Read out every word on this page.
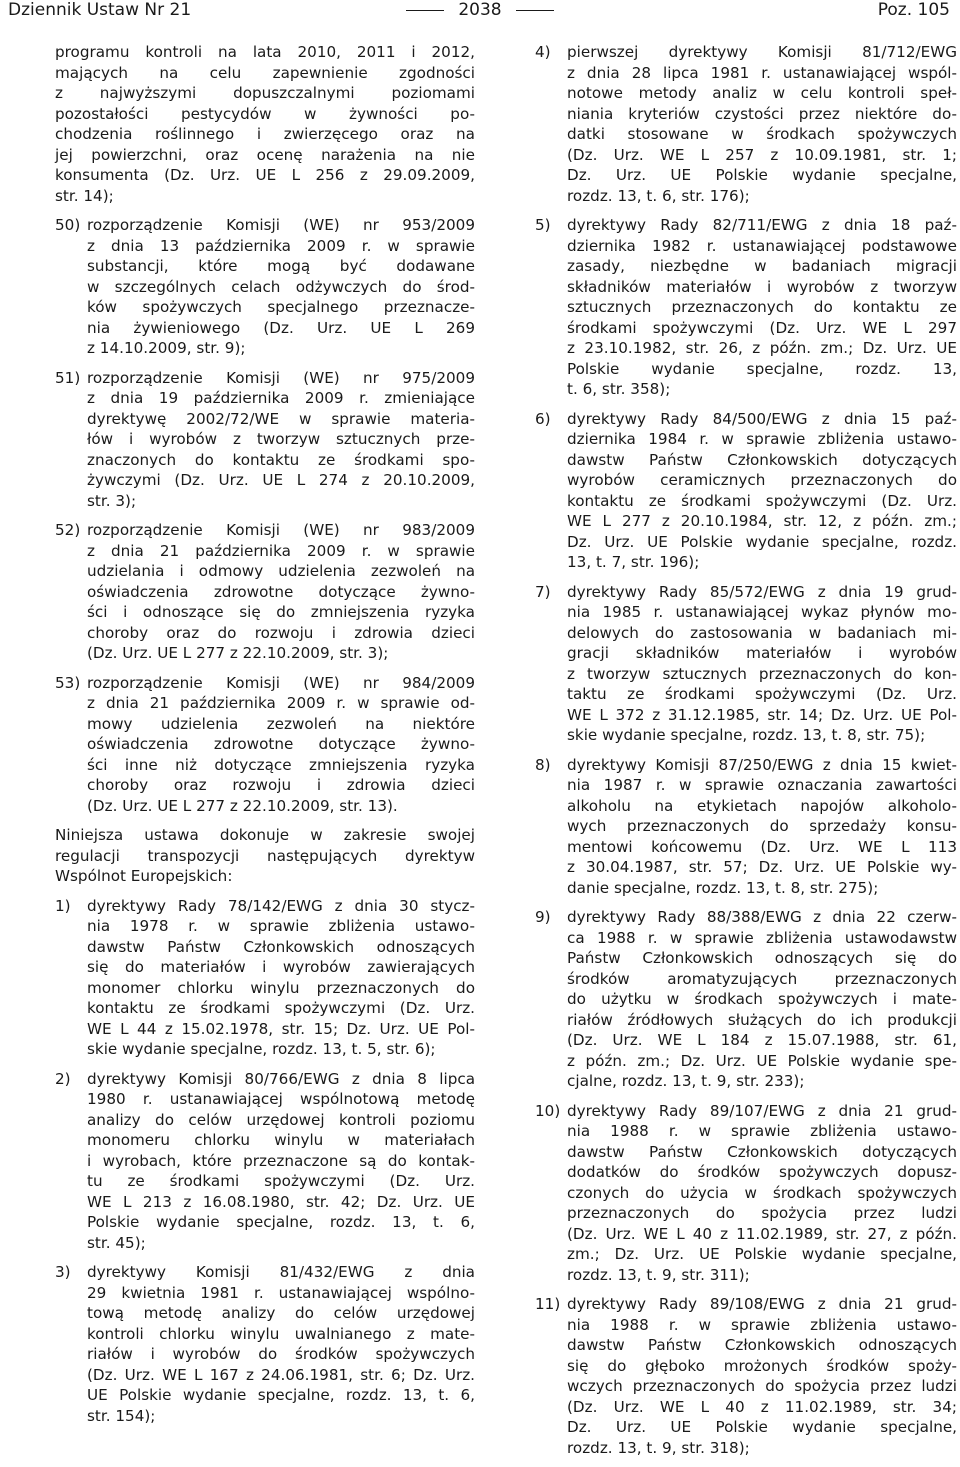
Dziennik Ustaw Nr 21	2038	Poz. 105
programu kontroli na lata 2010, 2011 i 2012,
mających na celu zapewnienie zgodności
z najwyższymi dopuszczalnymi poziomami
pozostałości pestycydów w żywności po-
chodzenia roślinnego i zwierzęcego oraz na
jej powierzchni, oraz ocenę narażenia na nie
konsumenta (Dz. Urz. UE L 256 z 29.09.2009,
str. 14);
50) rozporządzenie Komisji (WE) nr 953/2009
z dnia 13 października 2009 r. w sprawie
substancji, które mogą być dodawane
w szczególnych celach odżywczych do środ-
ków spożywczych specjalnego przeznacze-
nia żywieniowego (Dz. Urz. UE L 269
z 14.10.2009, str. 9);
51) rozporządzenie Komisji (WE) nr 975/2009
z dnia 19 października 2009 r. zmieniające
dyrektywę 2002/72/WE w sprawie materia-
łów i wyrobów z tworzyw sztucznych prze-
znaczonych do kontaktu ze środkami spo-
żywczymi (Dz. Urz. UE L 274 z 20.10.2009,
str. 3);
52) rozporządzenie Komisji (WE) nr 983/2009
z dnia 21 października 2009 r. w sprawie
udzielania i odmowy udzielenia zezwoleń na
oświadczenia zdrowotne dotyczące żywno-
ści i odnoszące się do zmniejszenia ryzyka
choroby oraz do rozwoju i zdrowia dzieci
(Dz. Urz. UE L 277 z 22.10.2009, str. 3);
53) rozporządzenie Komisji (WE) nr 984/2009
z dnia 21 października 2009 r. w sprawie od-
mowy udzielenia zezwoleń na niektóre
oświadczenia zdrowotne dotyczące żywno-
ści inne niż dotyczące zmniejszenia ryzyka
choroby oraz rozwoju i zdrowia dzieci
(Dz. Urz. UE L 277 z 22.10.2009, str. 13).
Niniejsza ustawa dokonuje w zakresie swojej
regulacji transpozycji następujących dyrektyw
Wspólnot Europejskich:
1) dyrektywy Rady 78/142/EWG z dnia 30 stycz-
nia 1978 r. w sprawie zbliżenia ustawo-
dawstw Państw Członkowskich odnoszących
się do materiałów i wyrobów zawierających
monomer chlorku winylu przeznaczonych do
kontaktu ze środkami spożywczymi (Dz. Urz.
WE L 44 z 15.02.1978, str. 15; Dz. Urz. UE Pol-
skie wydanie specjalne, rozdz. 13, t. 5, str. 6);
2) dyrektywy Komisji 80/766/EWG z dnia 8 lipca
1980 r. ustanawiającej wspólnotową metodę
analizy do celów urzędowej kontroli poziomu
monomeru chlorku winylu w materiałach
i wyrobach, które przeznaczone są do kontak-
tu ze środkami spożywczymi (Dz. Urz.
WE L 213 z 16.08.1980, str. 42; Dz. Urz. UE
Polskie wydanie specjalne, rozdz. 13, t. 6,
str. 45);
3) dyrektywy Komisji 81/432/EWG z dnia
29 kwietnia 1981 r. ustanawiającej wspólno-
tową metodę analizy do celów urzędowej
kontroli chlorku winylu uwalnianego z mate-
riałów i wyrobów do środków spożywczych
(Dz. Urz. WE L 167 z 24.06.1981, str. 6; Dz. Urz.
UE Polskie wydanie specjalne, rozdz. 13, t. 6,
str. 154);
4) pierwszej dyrektywy Komisji 81/712/EWG
z dnia 28 lipca 1981 r. ustanawiającej wspól-
notowe metody analiz w celu kontroli speł-
niania kryteriów czystości przez niektóre do-
datki stosowane w środkach spożywczych
(Dz. Urz. WE L 257 z 10.09.1981, str. 1;
Dz. Urz. UE Polskie wydanie specjalne,
rozdz. 13, t. 6, str. 176);
5) dyrektywy Rady 82/711/EWG z dnia 18 paź-
dziernika 1982 r. ustanawiającej podstawowe
zasady, niezbędne w badaniach migracji
składników materiałów i wyrobów z tworzyw
sztucznych przeznaczonych do kontaktu ze
środkami spożywczymi (Dz. Urz. WE L 297
z 23.10.1982, str. 26, z późn. zm.; Dz. Urz. UE
Polskie wydanie specjalne, rozdz. 13,
t. 6, str. 358);
6) dyrektywy Rady 84/500/EWG z dnia 15 paź-
dziernika 1984 r. w sprawie zbliżenia ustawo-
dawstw Państw Członkowskich dotyczących
wyrobów ceramicznych przeznaczonych do
kontaktu ze środkami spożywczymi (Dz. Urz.
WE L 277 z 20.10.1984, str. 12, z późn. zm.;
Dz. Urz. UE Polskie wydanie specjalne, rozdz.
13, t. 7, str. 196);
7) dyrektywy Rady 85/572/EWG z dnia 19 grud-
nia 1985 r. ustanawiającej wykaz płynów mo-
delowych do zastosowania w badaniach mi-
gracji składników materiałów i wyrobów
z tworzyw sztucznych przeznaczonych do kon-
taktu ze środkami spożywczymi (Dz. Urz.
WE L 372 z 31.12.1985, str. 14; Dz. Urz. UE Pol-
skie wydanie specjalne, rozdz. 13, t. 8, str. 75);
8) dyrektywy Komisji 87/250/EWG z dnia 15 kwiet-
nia 1987 r. w sprawie oznaczania zawartości
alkoholu na etykietach napojów alkoholo-
wych przeznaczonych do sprzedaży konsu-
mentowi końcowemu (Dz. Urz. WE L 113
z 30.04.1987, str. 57; Dz. Urz. UE Polskie wy-
danie specjalne, rozdz. 13, t. 8, str. 275);
9) dyrektywy Rady 88/388/EWG z dnia 22 czerw-
ca 1988 r. w sprawie zbliżenia ustawodawstw
Państw Członkowskich odnoszących się do
środków aromatyzujących przeznaczonych
do użytku w środkach spożywczych i mate-
riałów źródłowych służących do ich produkcji
(Dz. Urz. WE L 184 z 15.07.1988, str. 61,
z późn. zm.; Dz. Urz. UE Polskie wydanie spe-
cjalne, rozdz. 13, t. 9, str. 233);
10) dyrektywy Rady 89/107/EWG z dnia 21 grud-
nia 1988 r. w sprawie zbliżenia ustawo-
dawstw Państw Członkowskich dotyczących
dodatków do środków spożywczych dopusz-
czonych do użycia w środkach spożywczych
przeznaczonych do spożycia przez ludzi
(Dz. Urz. WE L 40 z 11.02.1989, str. 27, z późn.
zm.; Dz. Urz. UE Polskie wydanie specjalne,
rozdz. 13, t. 9, str. 311);
11) dyrektywy Rady 89/108/EWG z dnia 21 grud-
nia 1988 r. w sprawie zbliżenia ustawo-
dawstw Państw Członkowskich odnoszących
się do głęboko mrożonych środków spoży-
wczych przeznaczonych do spożycia przez ludzi
(Dz. Urz. WE L 40 z 11.02.1989, str. 34;
Dz. Urz. UE Polskie wydanie specjalne,
rozdz. 13, t. 9, str. 318);
